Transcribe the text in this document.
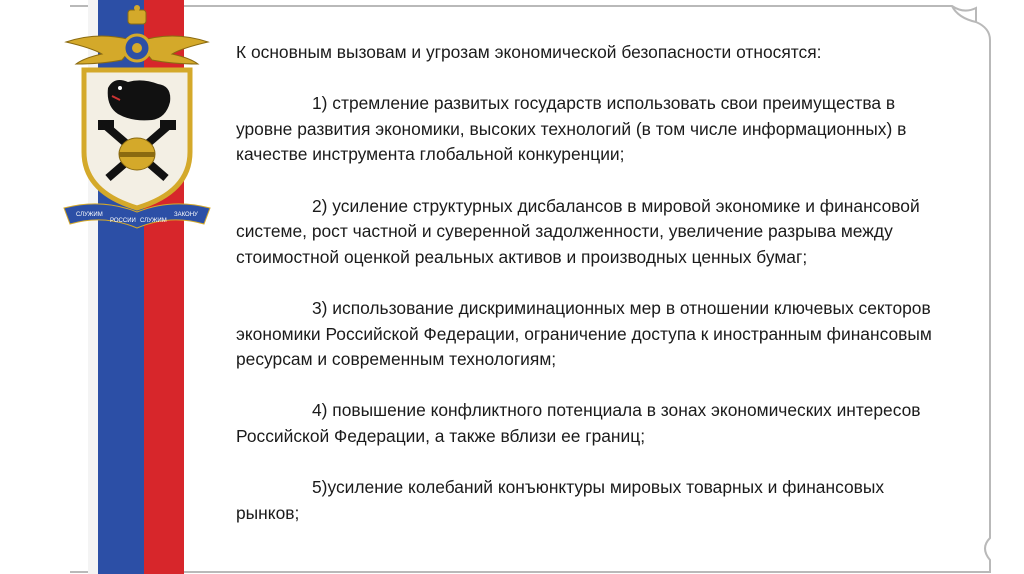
СЛУЖИМ
РОССИИ СЛУЖИМ
ЗАКОНУ

К основным вызовам и угрозам экономической безопасности относятся:

1) стремление развитых государств использовать свои преимущества в уровне развития экономики, высоких технологий (в том числе информационных) в качестве инструмента глобальной конкуренции;

2) усиление структурных дисбалансов в мировой экономике и финансовой системе, рост частной и суверенной задолженности, увеличение разрыва между стоимостной оценкой реальных активов и производных ценных бумаг;

3) использование дискриминационных мер в отношении ключевых секторов экономики Российской Федерации, ограничение доступа к иностранным финансовым ресурсам и современным технологиям;

4) повышение конфликтного потенциала в зонах экономических интересов Российской Федерации, а также вблизи ее границ;

5)усиление колебаний конъюнктуры мировых товарных и финансовых рынков;
